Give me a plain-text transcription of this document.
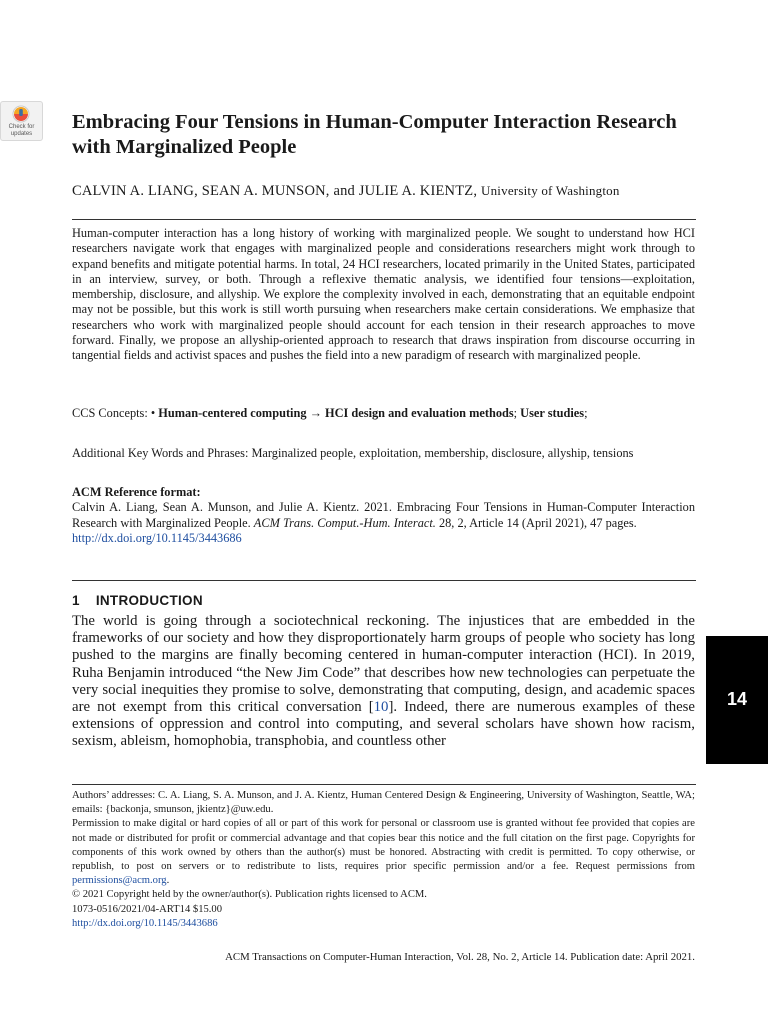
Check for updates
Embracing Four Tensions in Human-Computer Interaction Research with Marginalized People
CALVIN A. LIANG, SEAN A. MUNSON, and JULIE A. KIENTZ, University of Washington
Human-computer interaction has a long history of working with marginalized people. We sought to understand how HCI researchers navigate work that engages with marginalized people and considerations researchers might work through to expand benefits and mitigate potential harms. In total, 24 HCI researchers, located primarily in the United States, participated in an interview, survey, or both. Through a reflexive thematic analysis, we identified four tensions—exploitation, membership, disclosure, and allyship. We explore the complexity involved in each, demonstrating that an equitable endpoint may not be possible, but this work is still worth pursuing when researchers make certain considerations. We emphasize that researchers who work with marginalized people should account for each tension in their research approaches to move forward. Finally, we propose an allyship-oriented approach to research that draws inspiration from discourse occurring in tangential fields and activist spaces and pushes the field into a new paradigm of research with marginalized people.
CCS Concepts: • Human-centered computing → HCI design and evaluation methods; User studies;
Additional Key Words and Phrases: Marginalized people, exploitation, membership, disclosure, allyship, tensions
ACM Reference format:
Calvin A. Liang, Sean A. Munson, and Julie A. Kientz. 2021. Embracing Four Tensions in Human-Computer Interaction Research with Marginalized People. ACM Trans. Comput.-Hum. Interact. 28, 2, Article 14 (April 2021), 47 pages.
http://dx.doi.org/10.1145/3443686
1 INTRODUCTION
The world is going through a sociotechnical reckoning. The injustices that are embedded in the frameworks of our society and how they disproportionately harm groups of people who society has long pushed to the margins are finally becoming centered in human-computer interaction (HCI). In 2019, Ruha Benjamin introduced “the New Jim Code” that describes how new technologies can perpetuate the very social inequities they promise to solve, demonstrating that computing, design, and academic spaces are not exempt from this critical conversation [10]. Indeed, there are numerous examples of these extensions of oppression and control into computing, and several scholars have shown how racism, sexism, ableism, homophobia, transphobia, and countless other
14

Authors’ addresses: C. A. Liang, S. A. Munson, and J. A. Kientz, Human Centered Design & Engineering, University of Washington, Seattle, WA; emails: {backonja, smunson, jkientz}@uw.edu.

Permission to make digital or hard copies of all or part of this work for personal or classroom use is granted without fee provided that copies are not made or distributed for profit or commercial advantage and that copies bear this notice and the full citation on the first page. Copyrights for components of this work owned by others than the author(s) must be honored. Abstracting with credit is permitted. To copy otherwise, or republish, to post on servers or to redistribute to lists, requires prior specific permission and/or a fee. Request permissions from permissions@acm.org.

© 2021 Copyright held by the owner/author(s). Publication rights licensed to ACM.

1073-0516/2021/04-ART14 $15.00

http://dx.doi.org/10.1145/3443686

ACM Transactions on Computer-Human Interaction, Vol. 28, No. 2, Article 14. Publication date: April 2021.
